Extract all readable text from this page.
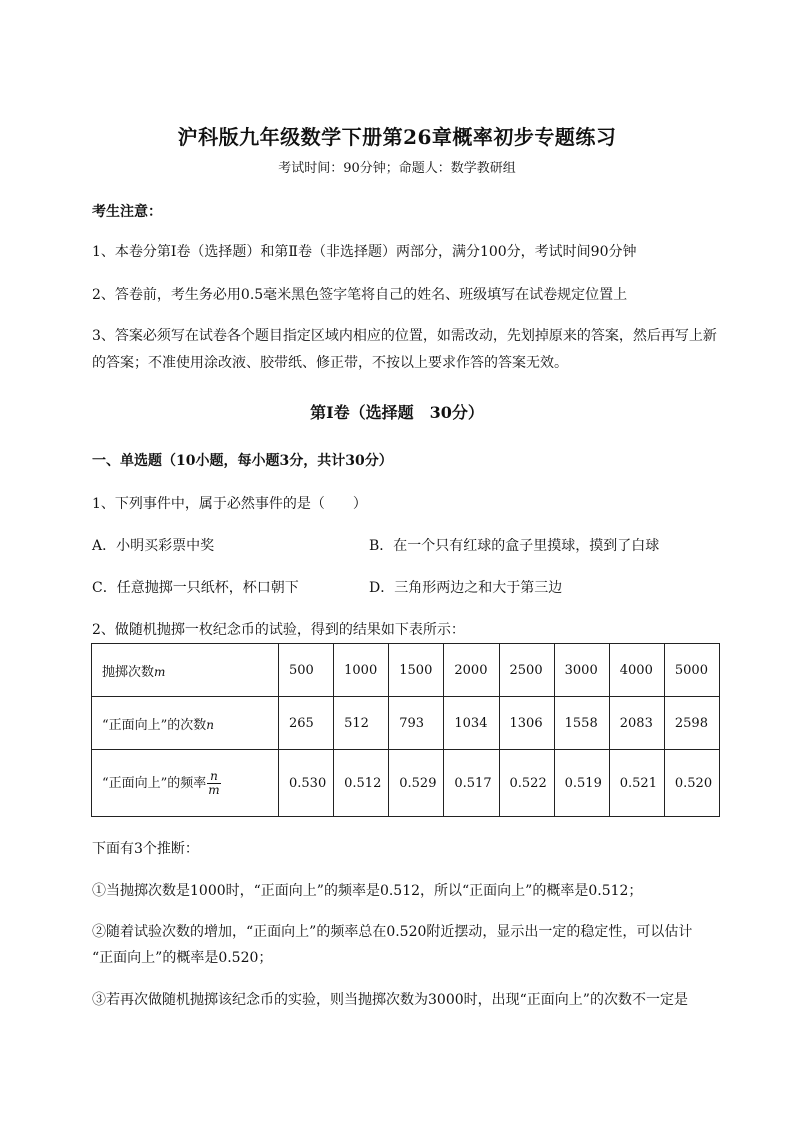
沪科版九年级数学下册第26章概率初步专题练习
考试时间：90分钟；命题人：数学教研组
考生注意：
1、本卷分第I卷（选择题）和第Ⅱ卷（非选择题）两部分，满分100分，考试时间90分钟
2、答卷前，考生务必用0.5毫米黑色签字笔将自己的姓名、班级填写在试卷规定位置上
3、答案必须写在试卷各个题目指定区域内相应的位置，如需改动，先划掉原来的答案，然后再写上新
的答案；不准使用涂改液、胶带纸、修正带，不按以上要求作答的答案无效。
第I卷（选择题　30分）
一、单选题（10小题，每小题3分，共计30分）
1、下列事件中，属于必然事件的是（　　）
A．小明买彩票中奖	B．在一个只有红球的盒子里摸球，摸到了白球
C．任意抛掷一只纸杯，杯口朝下	D．三角形两边之和大于第三边
2、做随机抛掷一枚纪念币的试验，得到的结果如下表所示：
抛掷次数m	500	1000	1500	2000	2500	3000	4000	5000
“正面向上”的次数n	265	512	793	1034	1306	1558	2083	2598
“正面向上”的频率 $\frac{n}{m}$	0.530	0.512	0.529	0.517	0.522	0.519	0.521	0.520
下面有3个推断：
①当抛掷次数是1000时，“正面向上”的频率是0.512，所以“正面向上”的概率是0.512；
②随着试验次数的增加，“正面向上”的频率总在0.520附近摆动，显示出一定的稳定性，可以估计
“正面向上”的概率是0.520；
③若再次做随机抛掷该纪念币的实验，则当抛掷次数为3000时，出现“正面向上”的次数不一定是
